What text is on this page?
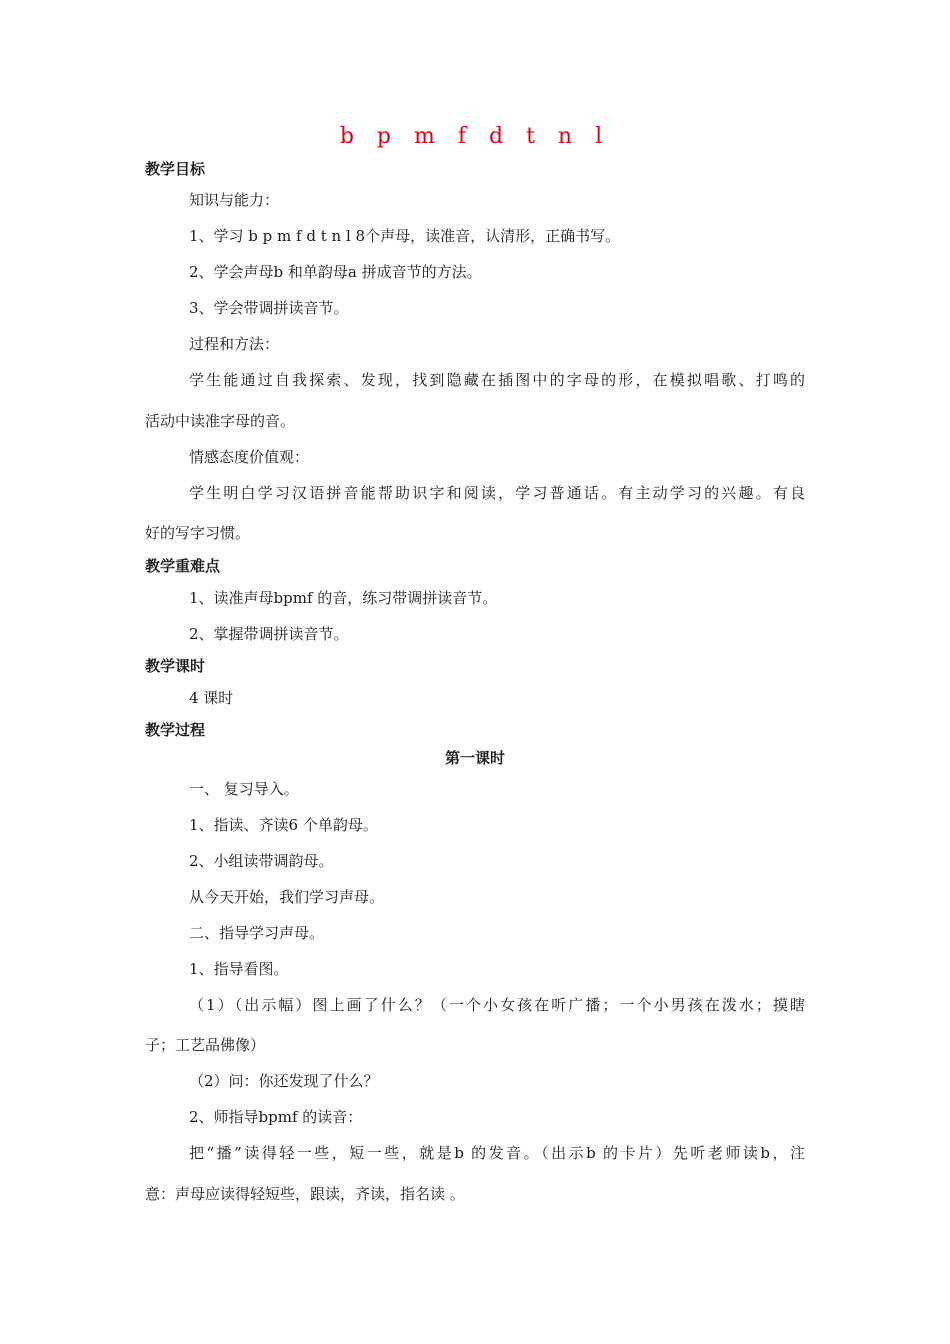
b p m f d t n l
教学目标
知识与能力：
1、学习 b p m f d t n l 8个声母，读准音，认清形，正确书写。
2、学会声母b 和单韵母a 拼成音节的方法。
3、学会带调拼读音节。
过程和方法：
学生能通过自我探索、发现，找到隐藏在插图中的字母的形，在模拟唱歌、打鸣的
活动中读准字母的音。
情感态度价值观：
学生明白学习汉语拼音能帮助识字和阅读，学习普通话。有主动学习的兴趣。有良
好的写字习惯。
教学重难点
1、读准声母bpmf 的音，练习带调拼读音节。
2、掌握带调拼读音节。
教学课时
4 课时
教学过程
第一课时
一、 复习导入。
1、指读、齐读6 个单韵母。
2、小组读带调韵母。
从今天开始，我们学习声母。
二、指导学习声母。
1、指导看图。
（1）（出示幅）图上画了什么？（一个小女孩在听广播；一个小男孩在泼水；摸瞎
子；工艺品佛像）
（2）问：你还发现了什么？
2、师指导bpmf 的读音：
把“播”读得轻一些，短一些，就是b 的发音。（出示b 的卡片）先听老师读b，注
意：声母应读得轻短些，跟读，齐读，指名读 。
